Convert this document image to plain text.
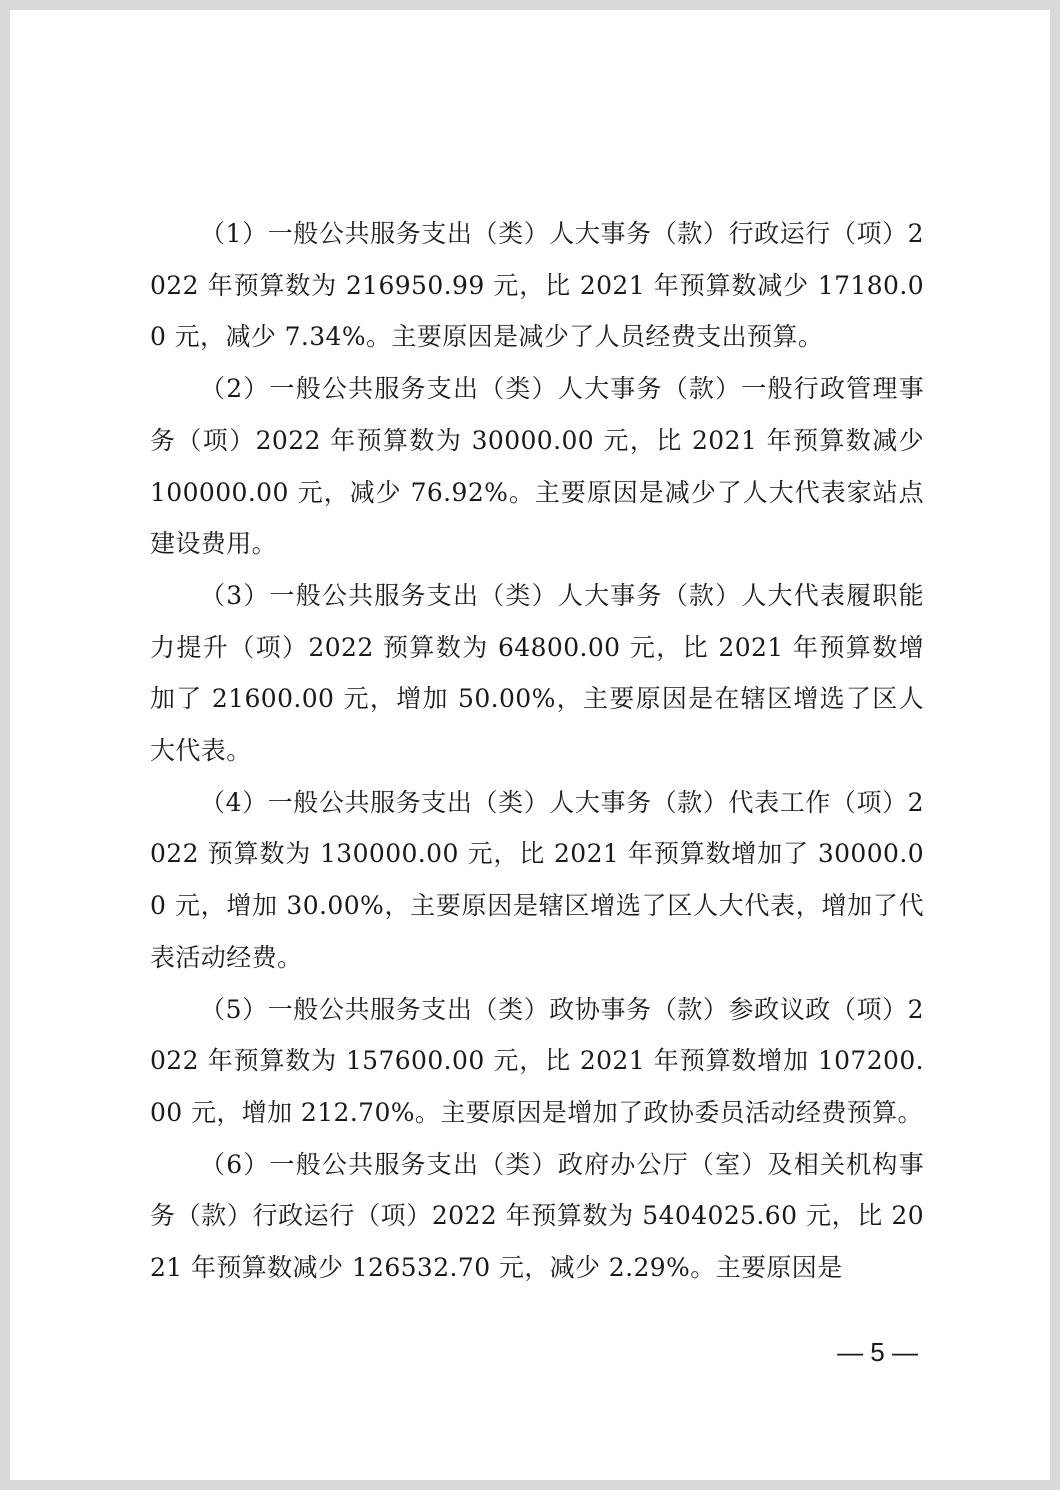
（1）一般公共服务支出（类）人大事务（款）行政运行（项）2022 年预算数为 216950.99 元，比 2021 年预算数减少 17180.00 元，减少 7.34%。主要原因是减少了人员经费支出预算。

（2）一般公共服务支出（类）人大事务（款）一般行政管理事务（项）2022 年预算数为 30000.00 元，比 2021 年预算数减少 100000.00 元，减少 76.92%。主要原因是减少了人大代表家站点建设费用。

（3）一般公共服务支出（类）人大事务（款）人大代表履职能力提升（项）2022 预算数为 64800.00 元，比 2021 年预算数增加了 21600.00 元，增加 50.00%，主要原因是在辖区增选了区人大代表。

（4）一般公共服务支出（类）人大事务（款）代表工作（项）2022 预算数为 130000.00 元，比 2021 年预算数增加了 30000.00 元，增加 30.00%，主要原因是辖区增选了区人大代表，增加了代表活动经费。

（5）一般公共服务支出（类）政协事务（款）参政议政（项）2022 年预算数为 157600.00 元，比 2021 年预算数增加 107200.00 元，增加 212.70%。主要原因是增加了政协委员活动经费预算。

（6）一般公共服务支出（类）政府办公厅（室）及相关机构事务（款）行政运行（项）2022 年预算数为 5404025.60 元，比 2021 年预算数减少 126532.70 元，减少 2.29%。主要原因是

— 5 —
